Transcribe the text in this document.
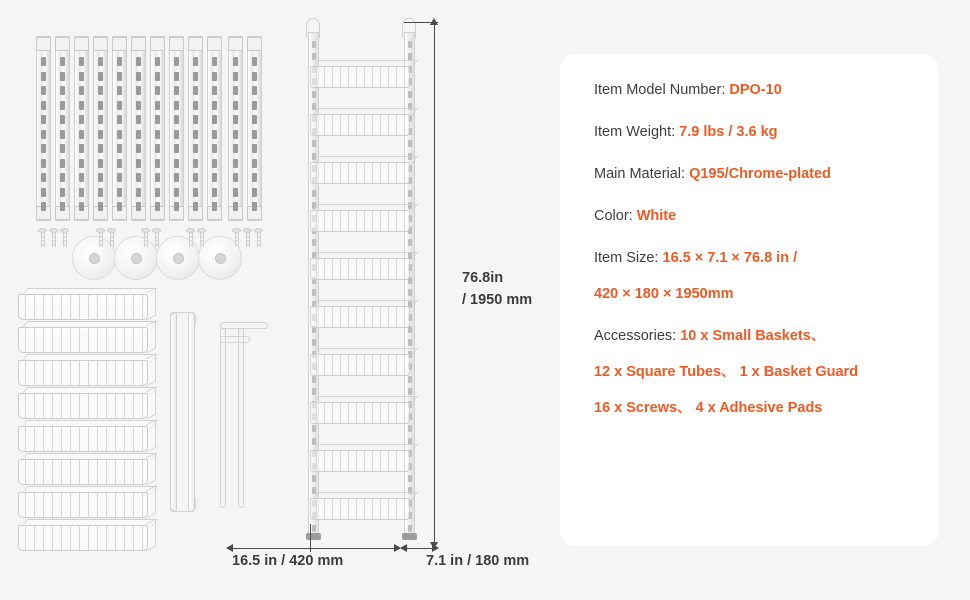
76.8in
/ 1950 mm
16.5 in / 420 mm	7.1 in / 180 mm
Item Model Number: DPO-10
Item Weight: 7.9 lbs / 3.6 kg
Main Material: Q195/Chrome-plated
Color: White
Item Size: 16.5 × 7.1 × 76.8 in /
420 × 180 × 1950mm
Accessories: 10 x Small Baskets、
12 x Square Tubes、 1 x Basket Guard
16 x Screws、 4 x Adhesive Pads
